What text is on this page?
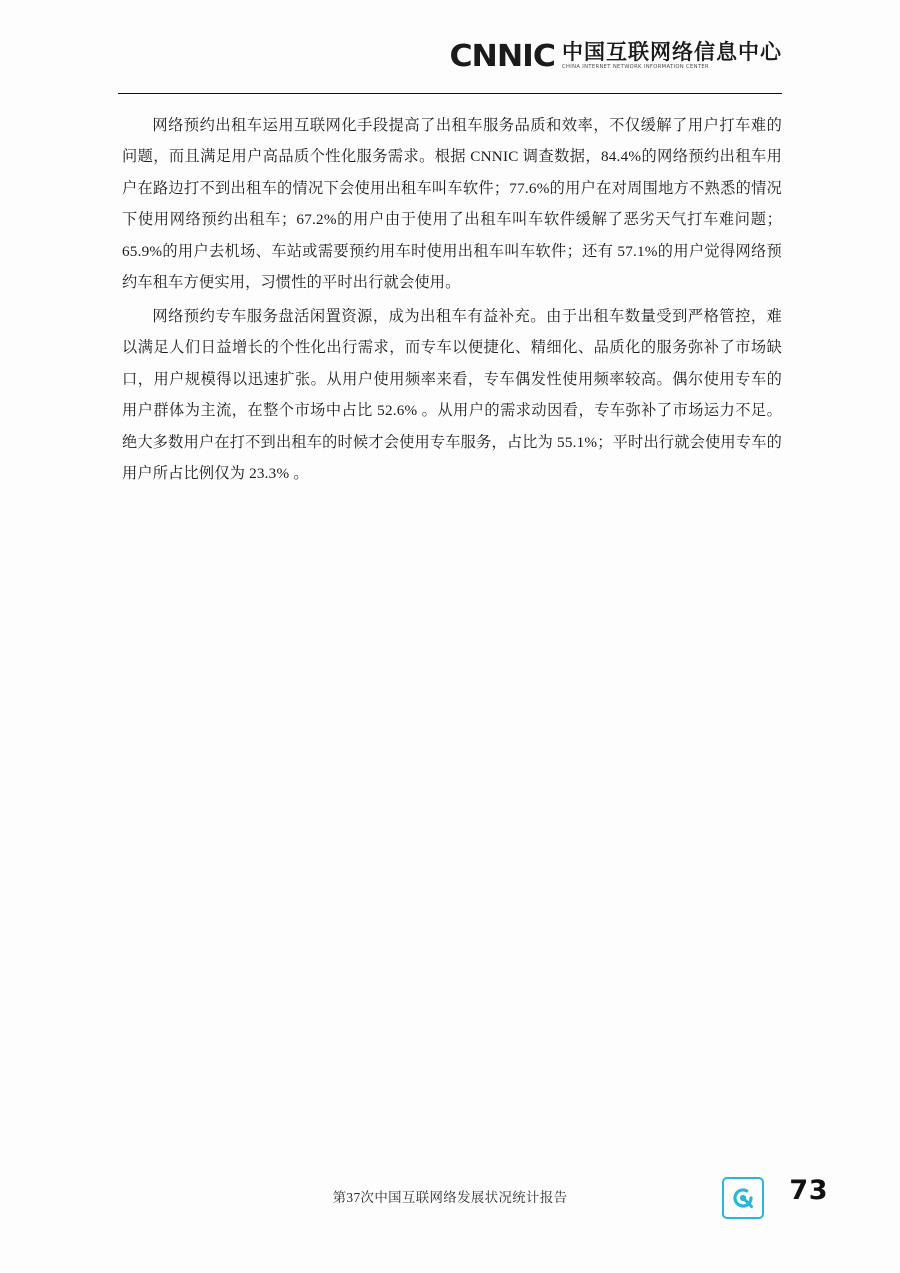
CNNIC 中国互联网络信息中心
CHINA INTERNET NETWORK INFORMATION CENTER

网络预约出租车运用互联网化手段提高了出租车服务品质和效率，不仅缓解了用户打车难的问题，而且满足用户高品质个性化服务需求。根据 CNNIC 调查数据，84.4%的网络预约出租车用户在路边打不到出租车的情况下会使用出租车叫车软件；77.6%的用户在对周围地方不熟悉的情况下使用网络预约出租车；67.2%的用户由于使用了出租车叫车软件缓解了恶劣天气打车难问题；65.9%的用户去机场、车站或需要预约用车时使用出租车叫车软件；还有 57.1%的用户觉得网络预约车租车方便实用，习惯性的平时出行就会使用。

网络预约专车服务盘活闲置资源，成为出租车有益补充。由于出租车数量受到严格管控，难以满足人们日益增长的个性化出行需求，而专车以便捷化、精细化、品质化的服务弥补了市场缺口，用户规模得以迅速扩张。从用户使用频率来看，专车偶发性使用频率较高。偶尔使用专车的用户群体为主流，在整个市场中占比 52.6% 。从用户的需求动因看，专车弥补了市场运力不足。绝大多数用户在打不到出租车的时候才会使用专车服务，占比为 55.1%；平时出行就会使用专车的用户所占比例仅为 23.3% 。

第37次中国互联网络发展状况统计报告	73
